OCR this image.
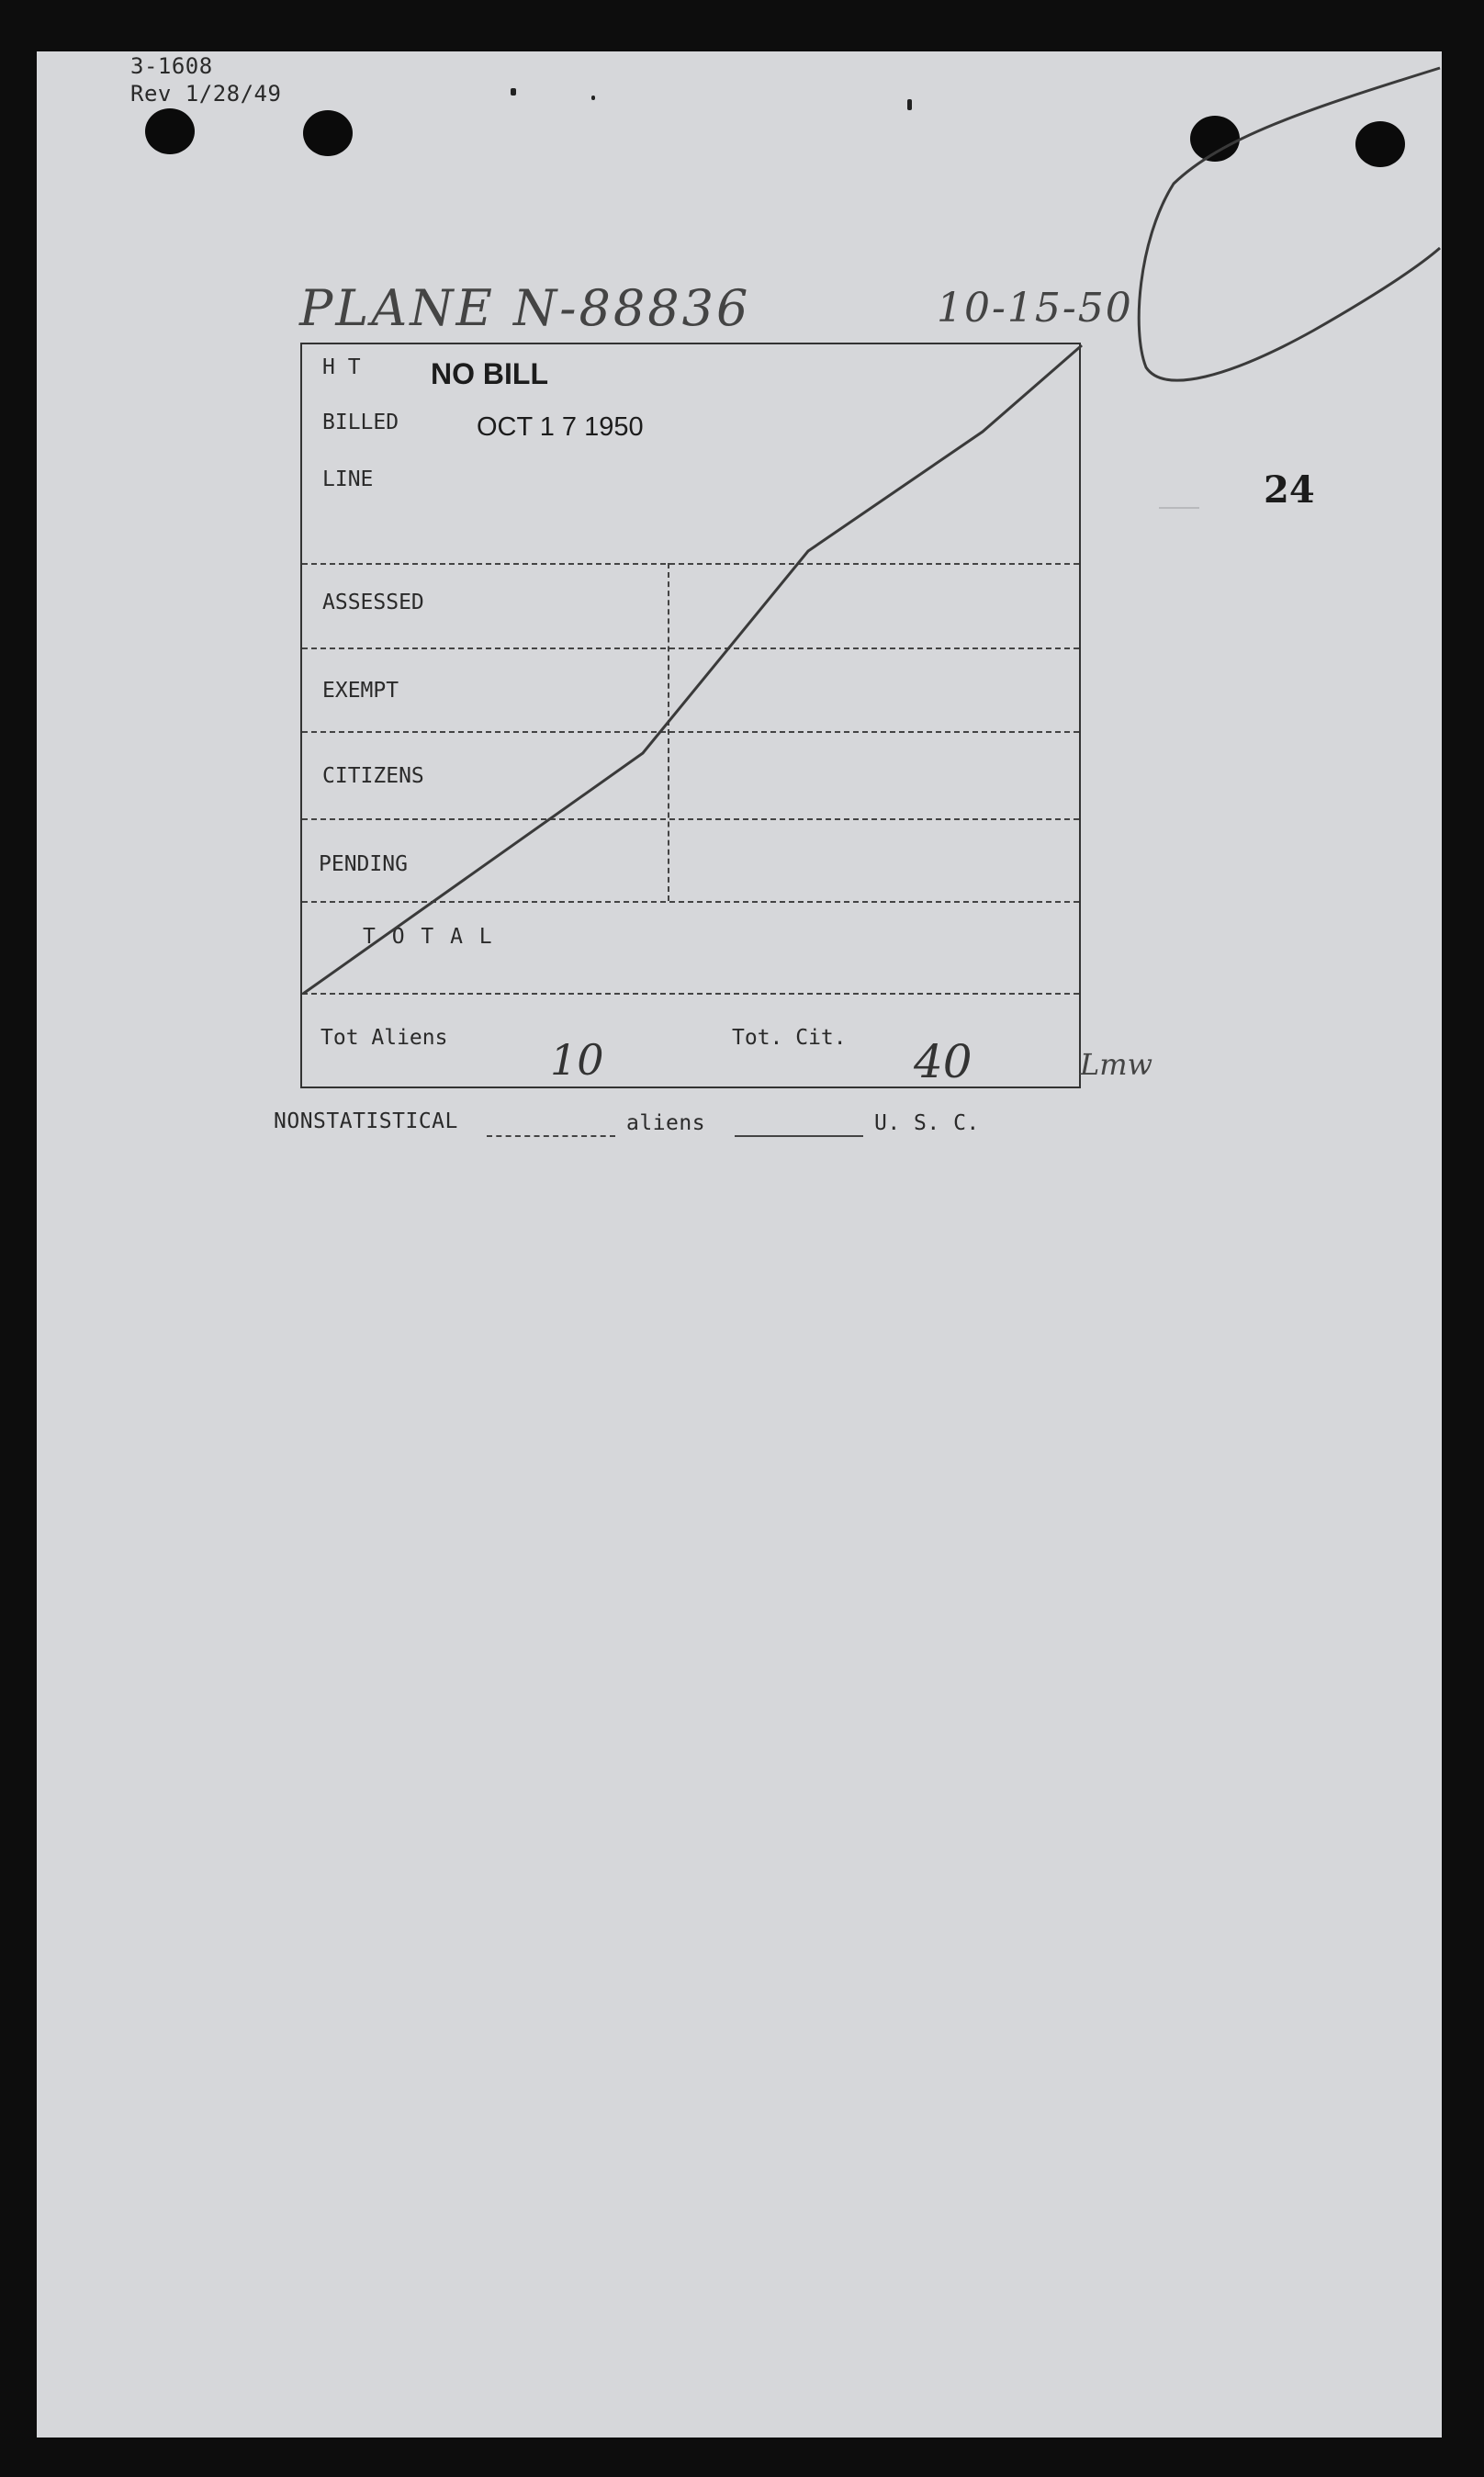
3-1608
Rev 1/28/49
PLANE N-88836	10-15-50
24
H T NO BILL
BILLED	OCT 1 7 1950
LINE
ASSESSED
EXEMPT
CITIZENS
PENDING
T O T A L
Tot Aliens 10	Tot. Cit. 40	Lmw
NONSTATISTICAL	aliens	U. S. C.
